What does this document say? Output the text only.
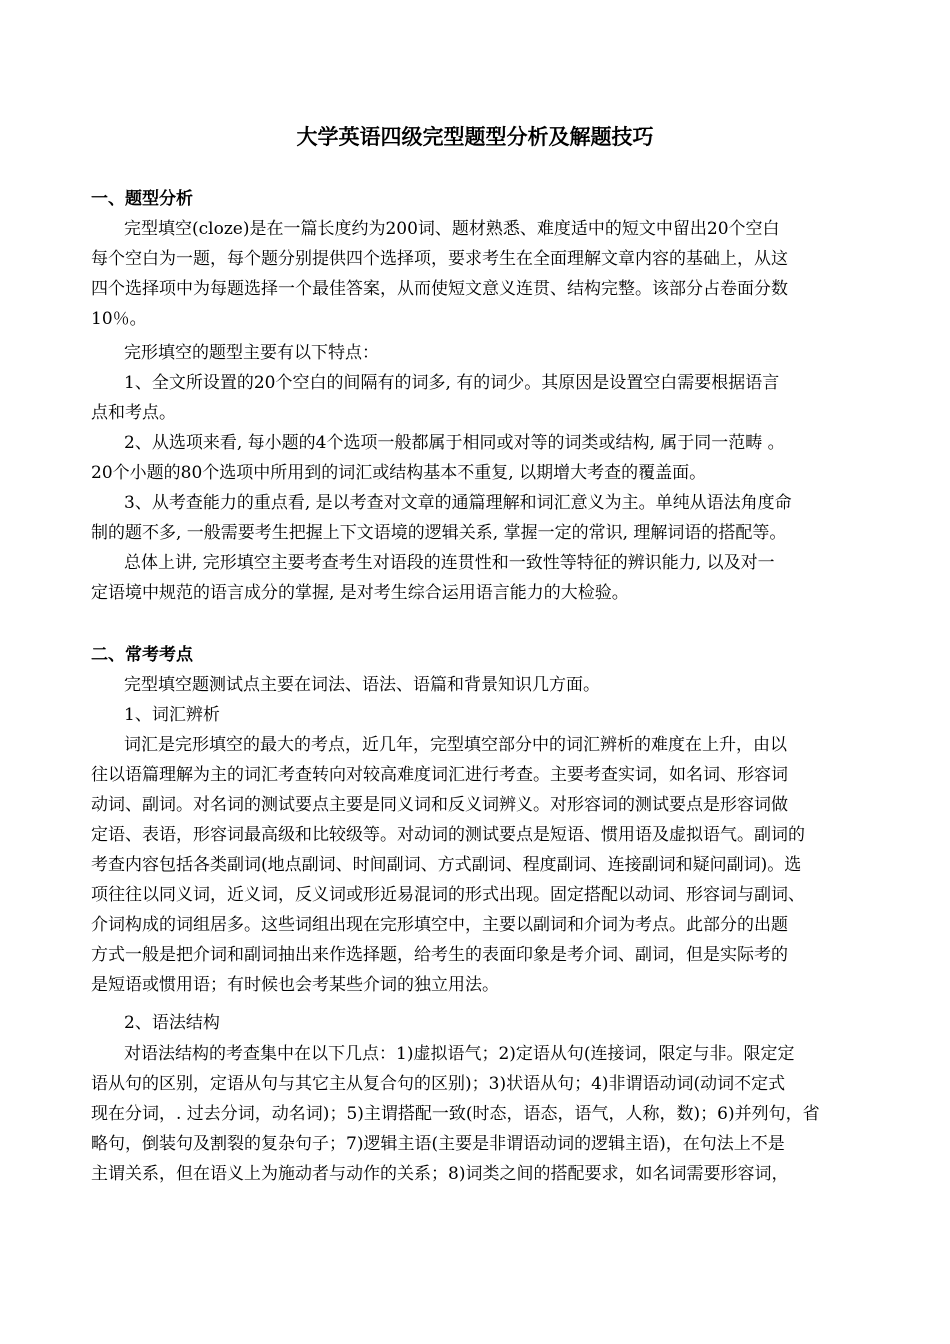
大学英语四级完型题型分析及解题技巧
一、题型分析
完型填空(cloze)是在一篇长度约为200词、题材熟悉、难度适中的短文中留出20个空白
每个空白为一题，每个题分别提供四个选择项，要求考生在全面理解文章内容的基础上，从这
四个选择项中为每题选择一个最佳答案，从而使短文意义连贯、结构完整。该部分占卷面分数
10％。
完形填空的题型主要有以下特点：
1、全文所设置的20个空白的间隔有的词多, 有的词少。其原因是设置空白需要根据语言
点和考点。
2、从选项来看, 每小题的4个选项一般都属于相同或对等的词类或结构, 属于同一范畴 。
20个小题的80个选项中所用到的词汇或结构基本不重复, 以期增大考查的覆盖面。
3、从考查能力的重点看, 是以考查对文章的通篇理解和词汇意义为主。单纯从语法角度命
制的题不多, 一般需要考生把握上下文语境的逻辑关系, 掌握一定的常识, 理解词语的搭配等。
总体上讲, 完形填空主要考查考生对语段的连贯性和一致性等特征的辨识能力, 以及对一
定语境中规范的语言成分的掌握, 是对考生综合运用语言能力的大检验。
二、常考考点
完型填空题测试点主要在词法、语法、语篇和背景知识几方面。
1、词汇辨析
词汇是完形填空的最大的考点，近几年，完型填空部分中的词汇辨析的难度在上升，由以
往以语篇理解为主的词汇考查转向对较高难度词汇进行考查。主要考查实词，如名词、形容词
动词、副词。对名词的测试要点主要是同义词和反义词辨义。对形容词的测试要点是形容词做
定语、表语，形容词最高级和比较级等。对动词的测试要点是短语、惯用语及虚拟语气。副词的
考查内容包括各类副词(地点副词、时间副词、方式副词、程度副词、连接副词和疑问副词)。选
项往往以同义词，近义词，反义词或形近易混词的形式出现。固定搭配以动词、形容词与副词、
介词构成的词组居多。这些词组出现在完形填空中，主要以副词和介词为考点。此部分的出题
方式一般是把介词和副词抽出来作选择题，给考生的表面印象是考介词、副词，但是实际考的
是短语或惯用语；有时候也会考某些介词的独立用法。
2、语法结构
对语法结构的考查集中在以下几点：1)虚拟语气；2)定语从句(连接词，限定与非。限定定
语从句的区别，定语从句与其它主从复合句的区别)；3)状语从句；4)非谓语动词(动词不定式
现在分词，. 过去分词，动名词)；5)主谓搭配一致(时态，语态，语气，人称，数)；6)并列句，省
略句，倒装句及割裂的复杂句子；7)逻辑主语(主要是非谓语动词的逻辑主语)，在句法上不是
主谓关系，但在语义上为施动者与动作的关系；8)词类之间的搭配要求，如名词需要形容词，
